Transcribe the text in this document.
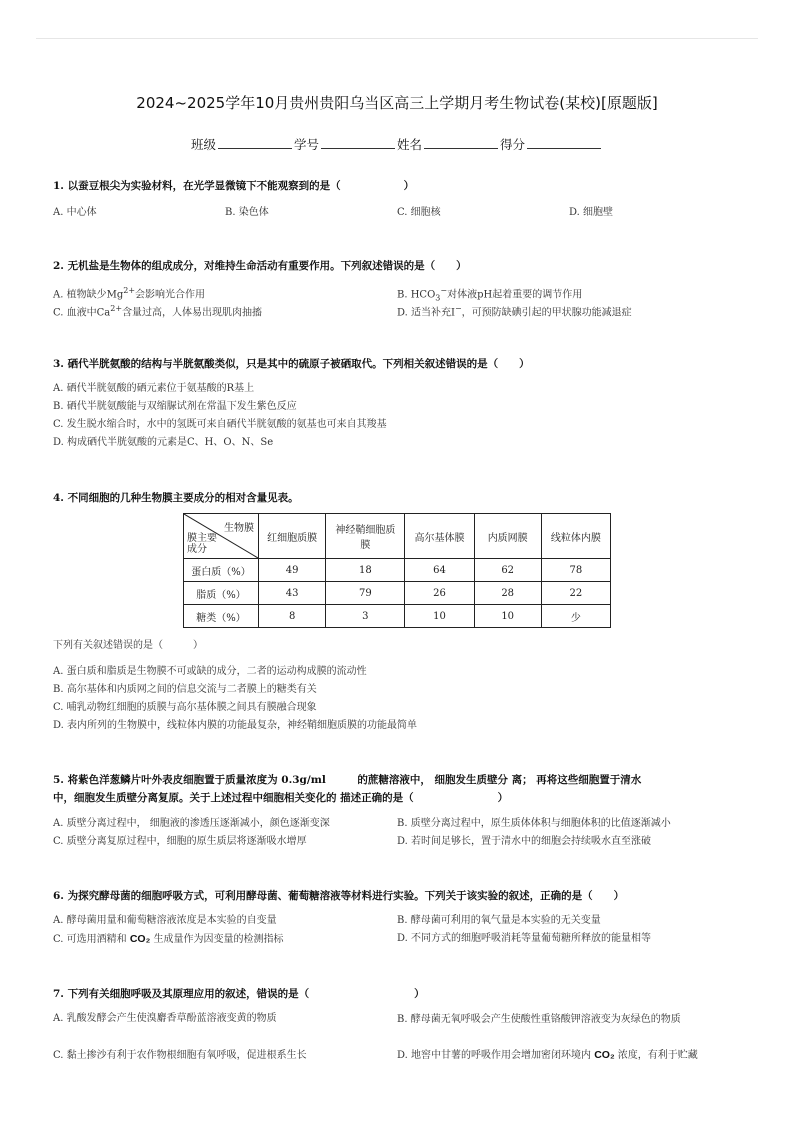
2024~2025学年10月贵州贵阳乌当区高三上学期月考生物试卷(某校)[原题版]
班级	学号	姓名	得分
1. 以蚕豆根尖为实验材料，在光学显微镜下不能观察到的是（　　　　　　）
A. 中心体	B. 染色体	C. 细胞核	D. 细胞壁
2. 无机盐是生物体的组成成分，对维持生命活动有重要作用。下列叙述错误的是（　　）
A. 植物缺少$Mg^{2+}$会影响光合作用	B. $HCO_3^-$对体液pH起着重要的调节作用
C. 血液中$Ca^{2+}$含量过高，人体易出现肌肉抽搐	D. 适当补充I−，可预防缺碘引起的甲状腺功能减退症
3. 硒代半胱氨酸的结构与半胱氨酸类似，只是其中的硫原子被硒取代。下列相关叙述错误的是（　　）
A. 硒代半胱氨酸的硒元素位于氨基酸的R基上
B. 硒代半胱氨酸能与双缩脲试剂在常温下发生紫色反应
C. 发生脱水缩合时，水中的氢既可来自硒代半胱氨酸的氨基也可来自其羧基
D. 构成硒代半胱氨酸的元素是C、H、O、N、Se
4. 不同细胞的几种生物膜主要成分的相对含量见表。
生物膜
膜主要成分	红细胞质膜	神经鞘细胞质膜	高尔基体膜	内质网膜	线粒体内膜
蛋白质（%）	49	18	64	62	78
脂质（%）	43	79	26	28	22
糖类（%）	8	3	10	10	少
下列有关叙述错误的是（　　　）
A. 蛋白质和脂质是生物膜不可或缺的成分，二者的运动构成膜的流动性
B. 高尔基体和内质网之间的信息交流与二者膜上的糖类有关
C. 哺乳动物红细胞的质膜与高尔基体膜之间具有膜融合现象
D. 表内所列的生物膜中，线粒体内膜的功能最复杂，神经鞘细胞质膜的功能最简单
5. 将紫色洋葱鳞片叶外表皮细胞置于质量浓度为 0.3g/ml　　　的蔗糖溶液中， 细胞发生质壁分 离； 再将这些细胞置于清水
中，细胞发生质壁分离复原。关于上述过程中细胞相关变化的 描述正确的是（　　　　　　　　）
A. 质壁分离过程中， 细胞液的渗透压逐渐减小，颜色逐渐变深	B. 质壁分离过程中，原生质体体积与细胞体积的比值逐渐减小
C. 质壁分离复原过程中，细胞的原生质层将逐渐吸水增厚	D. 若时间足够长，置于清水中的细胞会持续吸水直至涨破
6. 为探究酵母菌的细胞呼吸方式，可利用酵母菌、葡萄糖溶液等材料进行实验。下列关于该实验的叙述，正确的是（　　）
A. 酵母菌用量和葡萄糖溶液浓度是本实验的自变量	B. 酵母菌可利用的氧气量是本实验的无关变量
C. 可选用酒精和 CO₂ 生成量作为因变量的检测指标	D. 不同方式的细胞呼吸消耗等量葡萄糖所释放的能量相等
7. 下列有关细胞呼吸及其原理应用的叙述，错误的是（　　　　　　　　　　）
A. 乳酸发酵会产生使溴麝香草酚蓝溶液变黄的物质	B. 酵母菌无氧呼吸会产生使酸性重铬酸钾溶液变为灰绿色的物质
C. 黏土掺沙有利于农作物根细胞有氧呼吸，促进根系生长	D. 地窖中甘薯的呼吸作用会增加密闭环境内 CO₂ 浓度，有利于贮藏
